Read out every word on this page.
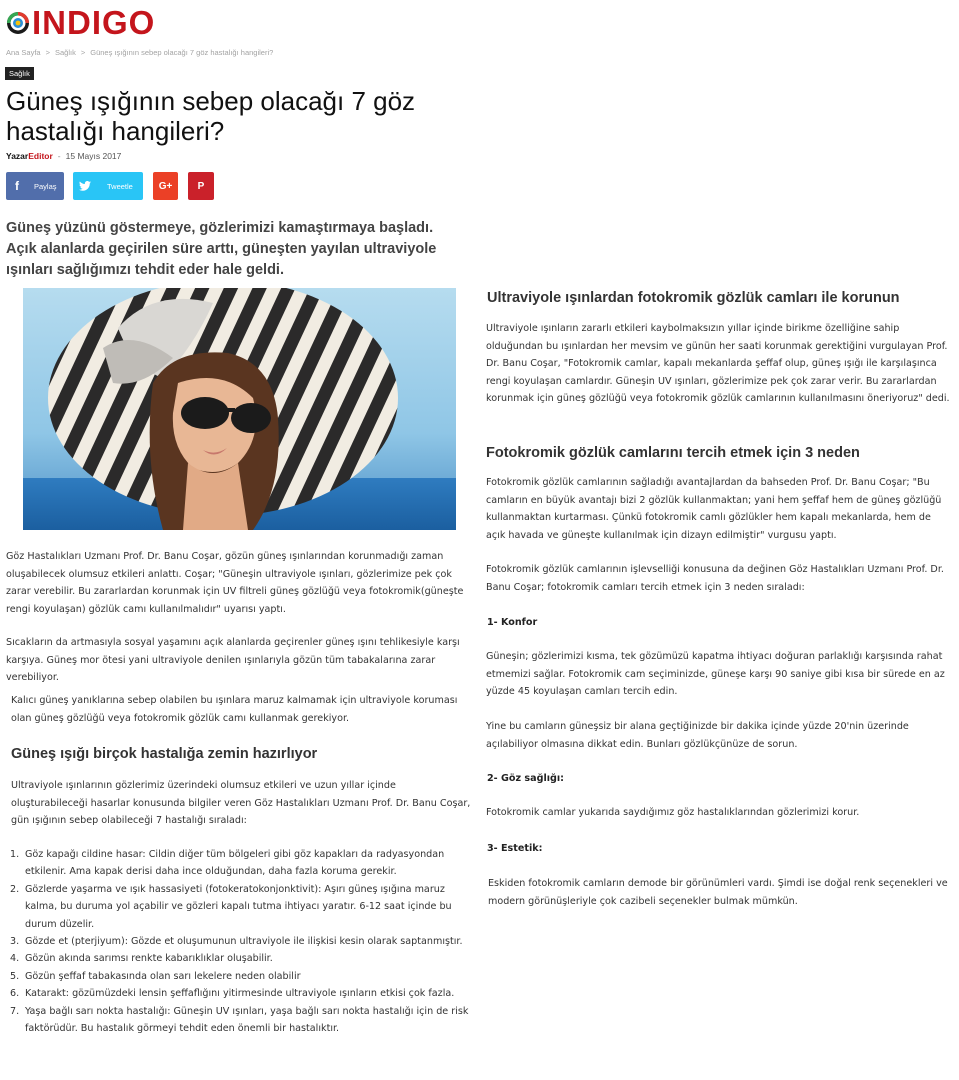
INDIGO
Ana Sayfa > Sağlık > Güneş ışığının sebep olacağı 7 göz hastalığı hangileri?
Sağlık
Güneş ışığının sebep olacağı 7 göz hastalığı hangileri?
YazarEditor - 15 Mayıs 2017
f	Paylaş	Tweetle	G+	P

Güneş yüzünü göstermeye, gözlerimizi kamaştırmaya başladı. Açık alanlarda geçirilen süre arttı, güneşten yayılan ultraviyole ışınları sağlığımızı tehdit eder hale geldi.

Göz Hastalıkları Uzmanı Prof. Dr. Banu Coşar, gözün güneş ışınlarından korunmadığı zaman oluşabilecek olumsuz etkileri anlattı. Coşar; "Güneşin ultraviyole ışınları, gözlerimize pek çok zarar verebilir. Bu zararlardan korunmak için UV filtreli güneş gözlüğü veya fotokromik(güneşte rengi koyulaşan) gözlük camı kullanılmalıdır" uyarısı yaptı.

Sıcakların da artmasıyla sosyal yaşamını açık alanlarda geçirenler güneş ışını tehlikesiyle karşı karşıya. Güneş mor ötesi yani ultraviyole denilen ışınlarıyla gözün tüm tabakalarına zarar verebiliyor.

Kalıcı güneş yanıklarına sebep olabilen bu ışınlara maruz kalmamak için ultraviyole koruması olan güneş gözlüğü veya fotokromik gözlük camı kullanmak gerekiyor.

Güneş ışığı birçok hastalığa zemin hazırlıyor

Ultraviyole ışınlarının gözlerimiz üzerindeki olumsuz etkileri ve uzun yıllar içinde oluşturabileceği hasarlar konusunda bilgiler veren Göz Hastalıkları Uzmanı Prof. Dr. Banu Coşar, gün ışığının sebep olabileceği 7 hastalığı sıraladı:

1. Göz kapağı cildine hasar: Cildin diğer tüm bölgeleri gibi göz kapakları da radyasyondan etkilenir. Ama kapak derisi daha ince olduğundan, daha fazla koruma gerekir.
2. Gözlerde yaşarma ve ışık hassasiyeti (fotokeratokonjonktivit): Aşırı güneş ışığına maruz kalma, bu duruma yol açabilir ve gözleri kapalı tutma ihtiyacı yaratır. 6-12 saat içinde bu durum düzelir.
3. Gözde et (pterjiyum): Gözde et oluşumunun ultraviyole ile ilişkisi kesin olarak saptanmıştır.
4. Gözün akında sarımsı renkte kabarıklıklar oluşabilir.
5. Gözün şeffaf tabakasında olan sarı lekelere neden olabilir
6. Katarakt: gözümüzdeki lensin şeffaflığını yitirmesinde ultraviyole ışınların etkisi çok fazla.
7. Yaşa bağlı sarı nokta hastalığı: Güneşin UV ışınları, yaşa bağlı sarı nokta hastalığı için de risk faktörüdür. Bu hastalık görmeyi tehdit eden önemli bir hastalıktır.
Ultraviyole ışınlardan fotokromik gözlük camları ile korunun

Ultraviyole ışınların zararlı etkileri kaybolmaksızın yıllar içinde birikme özelliğine sahip olduğundan bu ışınlardan her mevsim ve günün her saati korunmak gerektiğini vurgulayan Prof. Dr. Banu Coşar, "Fotokromik camlar, kapalı mekanlarda şeffaf olup, güneş ışığı ile karşılaşınca rengi koyulaşan camlardır. Güneşin UV ışınları, gözlerimize pek çok zarar verir. Bu zararlardan korunmak için güneş gözlüğü veya fotokromik gözlük camlarının kullanılmasını öneriyoruz" dedi.

Fotokromik gözlük camlarını tercih etmek için 3 neden

Fotokromik gözlük camlarının sağladığı avantajlardan da bahseden Prof. Dr. Banu Coşar; "Bu camların en büyük avantajı bizi 2 gözlük kullanmaktan; yani hem şeffaf hem de güneş gözlüğü kullanmaktan kurtarması. Çünkü fotokromik camlı gözlükler hem kapalı mekanlarda, hem de açık havada ve güneşte kullanılmak için dizayn edilmiştir" vurgusu yaptı.

Fotokromik gözlük camlarının işlevselliği konusuna da değinen Göz Hastalıkları Uzmanı Prof. Dr. Banu Coşar; fotokromik camları tercih etmek için 3 neden sıraladı:

1- Konfor

Güneşin; gözlerimizi kısma, tek gözümüzü kapatma ihtiyacı doğuran parlaklığı karşısında rahat etmemizi sağlar. Fotokromik cam seçiminizde, güneşe karşı 90 saniye gibi kısa bir sürede en az yüzde 45 koyulaşan camları tercih edin.

Yine bu camların güneşsiz bir alana geçtiğinizde bir dakika içinde yüzde 20'nin üzerinde açılabiliyor olmasına dikkat edin. Bunları gözlükçünüze de sorun.

2- Göz sağlığı:

Fotokromik camlar yukarıda saydığımız göz hastalıklarından gözlerimizi korur.

3- Estetik:

Eskiden fotokromik camların demode bir görünümleri vardı. Şimdi ise doğal renk seçenekleri ve modern görünüşleriyle çok cazibeli seçenekler bulmak mümkün.
